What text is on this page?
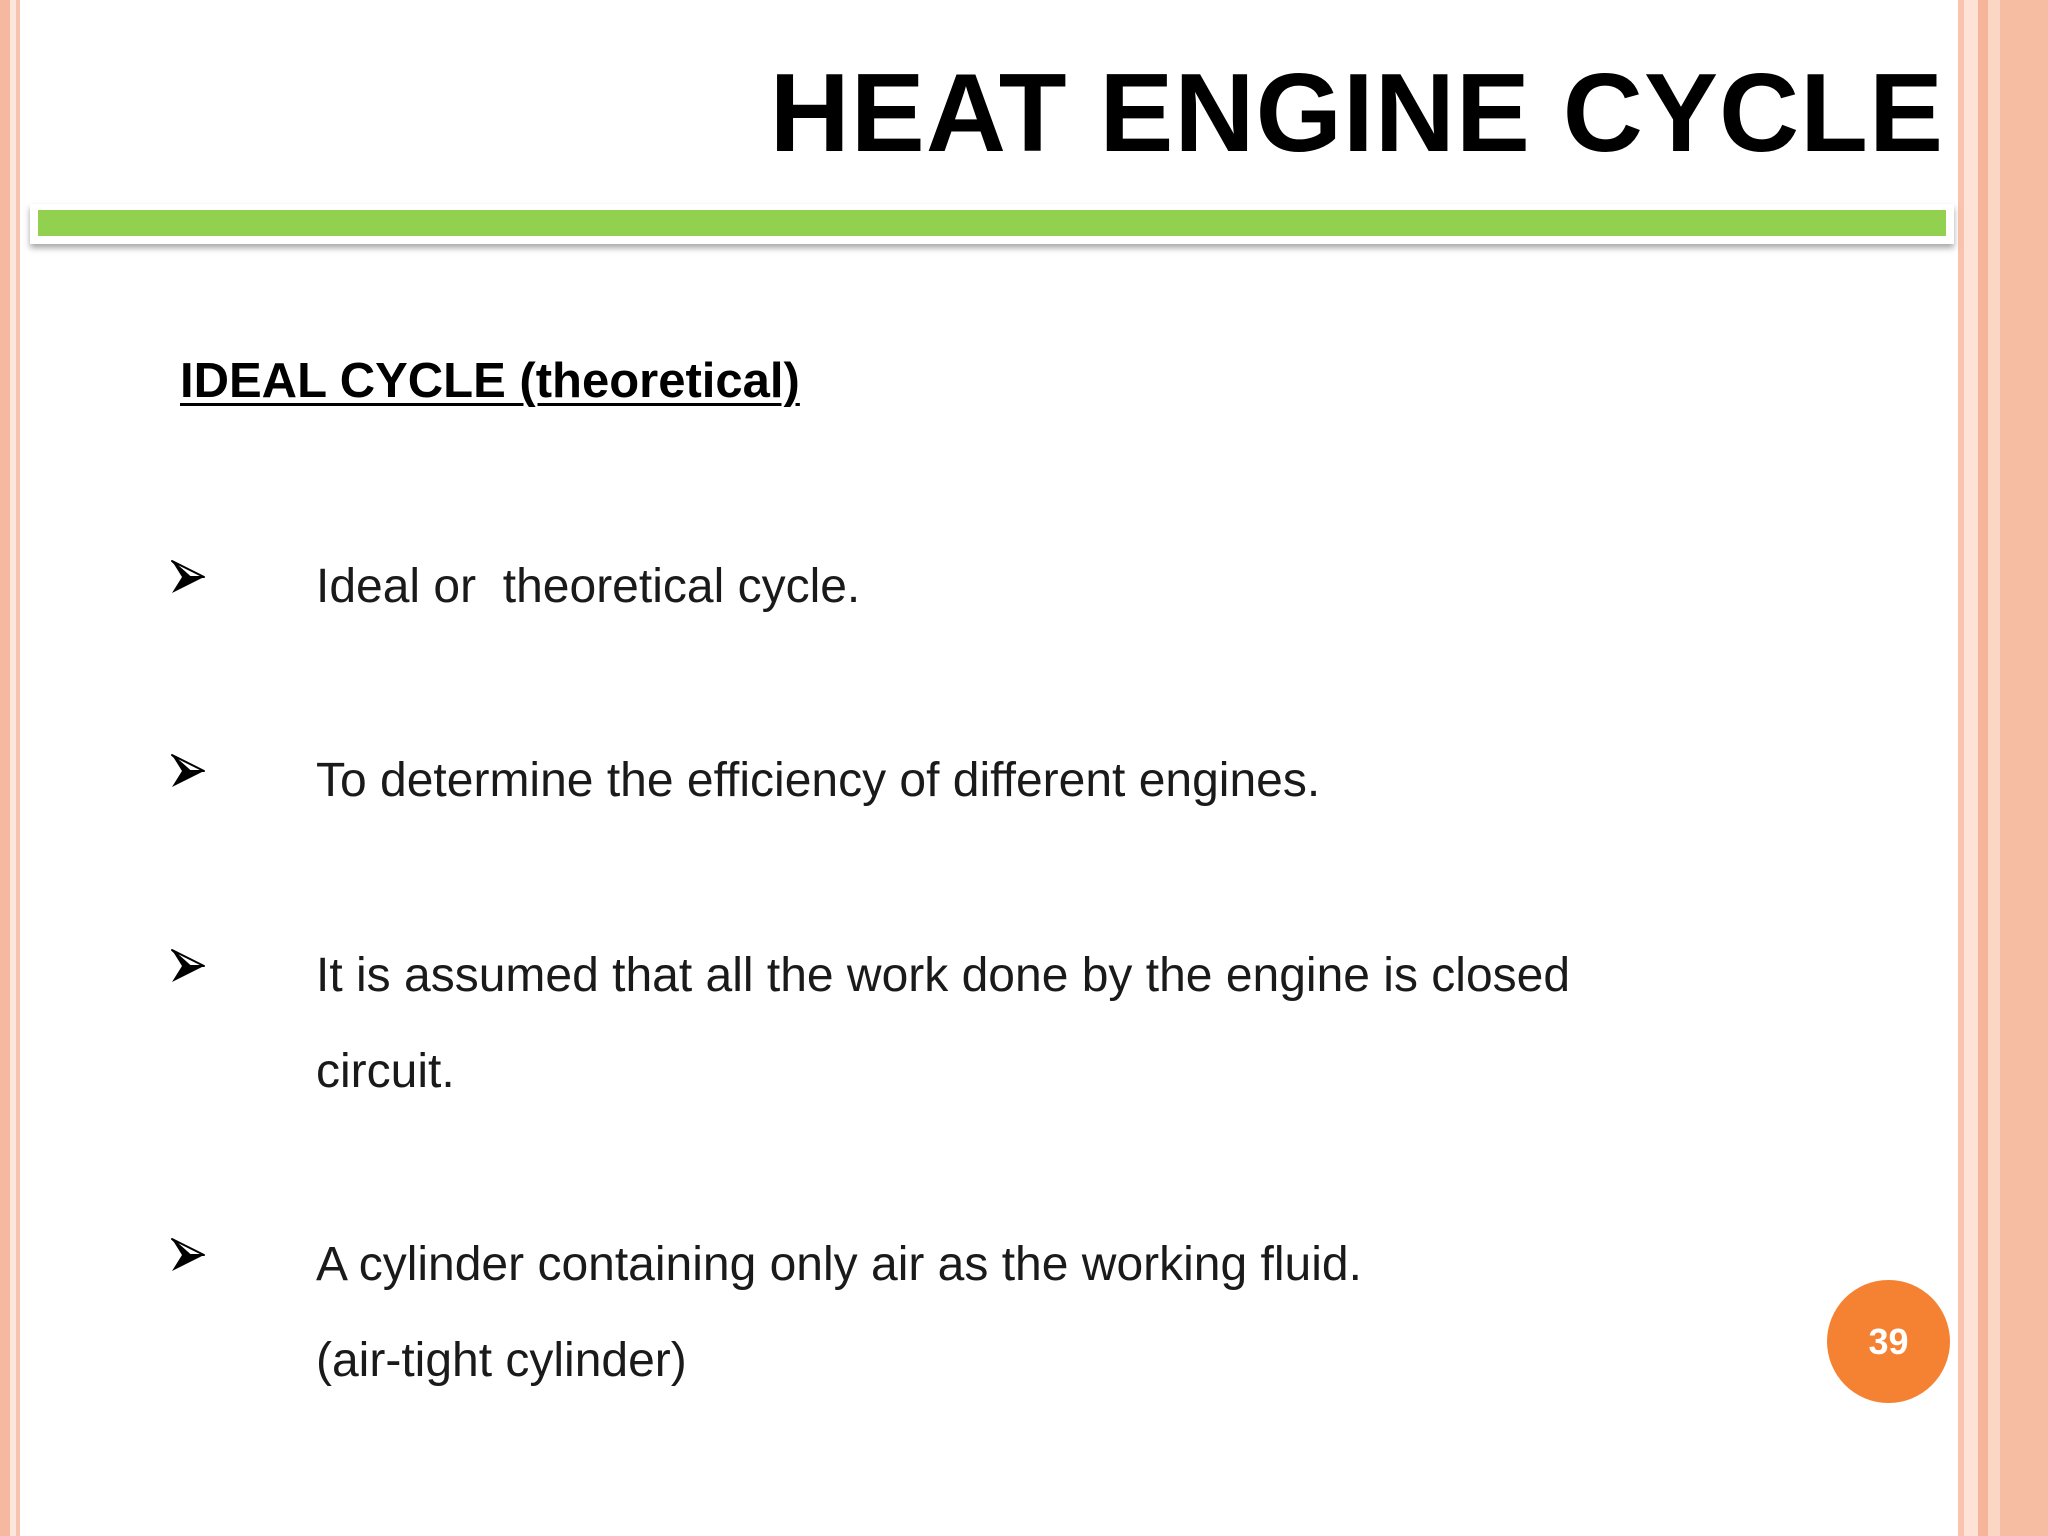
HEAT ENGINE CYCLE
IDEAL CYCLE (theoretical)
Ideal or  theoretical cycle.
To determine the efficiency of different engines.
It is assumed that all the work done by the engine is closed
circuit.
A cylinder containing only air as the working fluid.
(air-tight cylinder)	39
